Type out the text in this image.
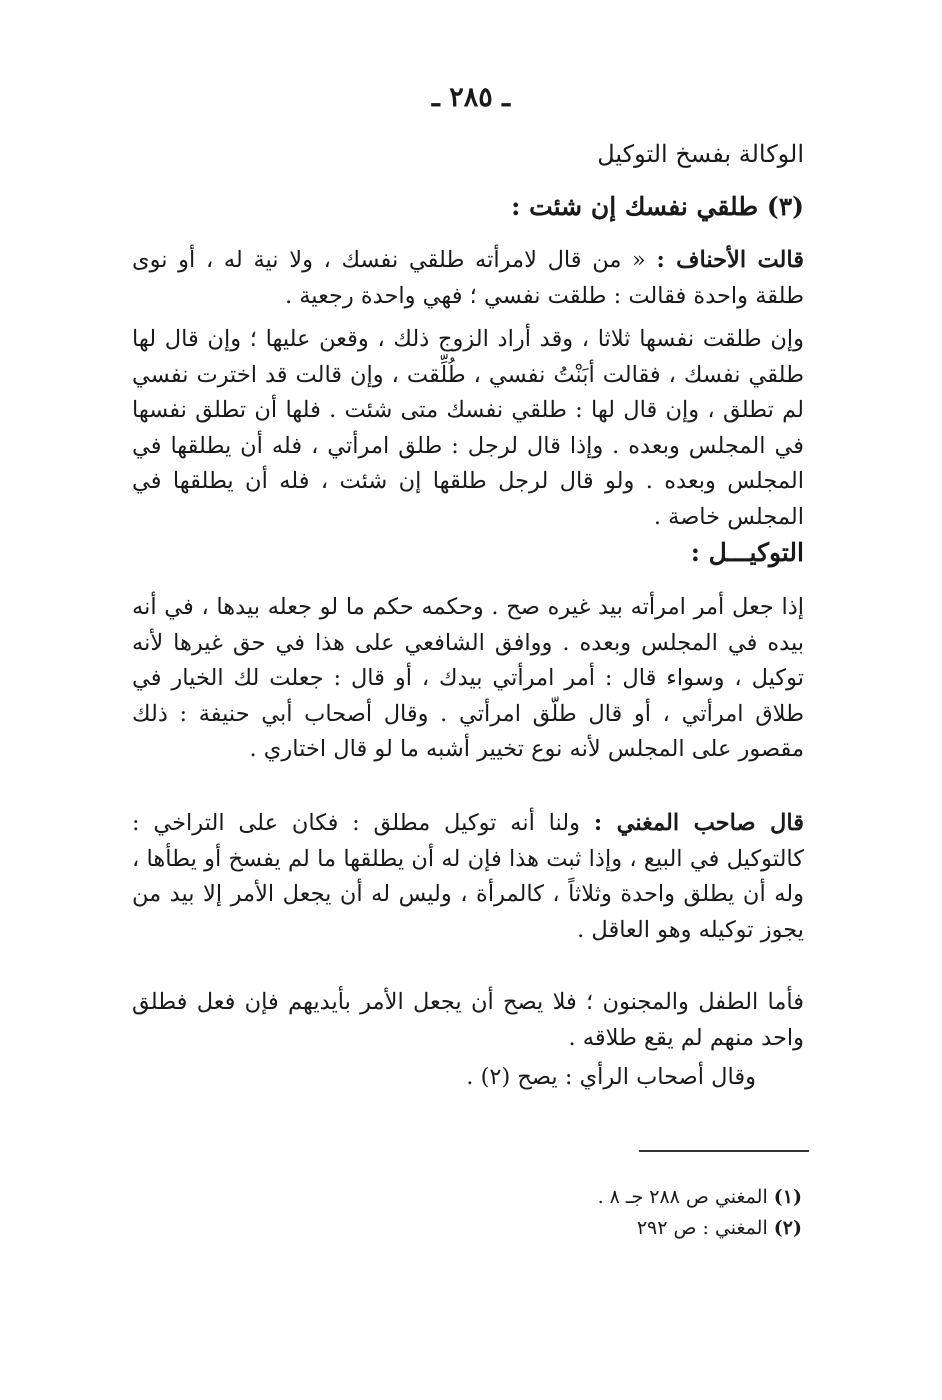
ـ ٢٨٥ ـ
الوكالة بفسخ التوكيل
(٣) طلقي نفسك إن شئت :
قالت الأحناف : « من قال لامرأته طلقي نفسك ، ولا نية له ، أو نوى طلقة واحدة فقالت : طلقت نفسي ؛ فهي واحدة رجعية .
وإن طلقت نفسها ثلاثا ، وقد أراد الزوج ذلك ، وقعن عليها ؛ وإن قال لها طلقي نفسك ، فقالت أبَنْتُ نفسي ، طُلِّقت ، وإن قالت قد اخترت نفسي لم تطلق ، وإن قال لها : طلقي نفسك متى شئت . فلها أن تطلق نفسها في المجلس وبعده . وإذا قال لرجل : طلق امرأتي ، فله أن يطلقها في المجلس وبعده . ولو قال لرجل طلقها إن شئت ، فله أن يطلقها في المجلس خاصة .
التوكيـــل :
إذا جعل أمر امرأته بيد غيره صح . وحكمه حكم ما لو جعله بيدها ، في أنه بيده في المجلس وبعده . ووافق الشافعي على هذا في حق غيرها لأنه توكيل ، وسواء قال : أمر امرأتي بيدك ، أو قال : جعلت لك الخيار في طلاق امرأتي ، أو قال طلّق امرأتي . وقال أصحاب أبي حنيفة : ذلك مقصور على المجلس لأنه نوع تخيير أشبه ما لو قال اختاري .
قال صاحب المغني : ولنا أنه توكيل مطلق : فكان على التراخي : كالتوكيل في البيع ، وإذا ثبت هذا فإن له أن يطلقها ما لم يفسخ أو يطأها ، وله أن يطلق واحدة وثلاثاً ، كالمرأة ، وليس له أن يجعل الأمر إلا بيد من يجوز توكيله وهو العاقل .
فأما الطفل والمجنون ؛ فلا يصح أن يجعل الأمر بأيديهم فإن فعل فطلق واحد منهم لم يقع طلاقه .
وقال أصحاب الرأي : يصح (٢) .
(١) المغني ص ٢٨٨ جـ ٨ .
(٢) المغني : ص ٢٩٢
